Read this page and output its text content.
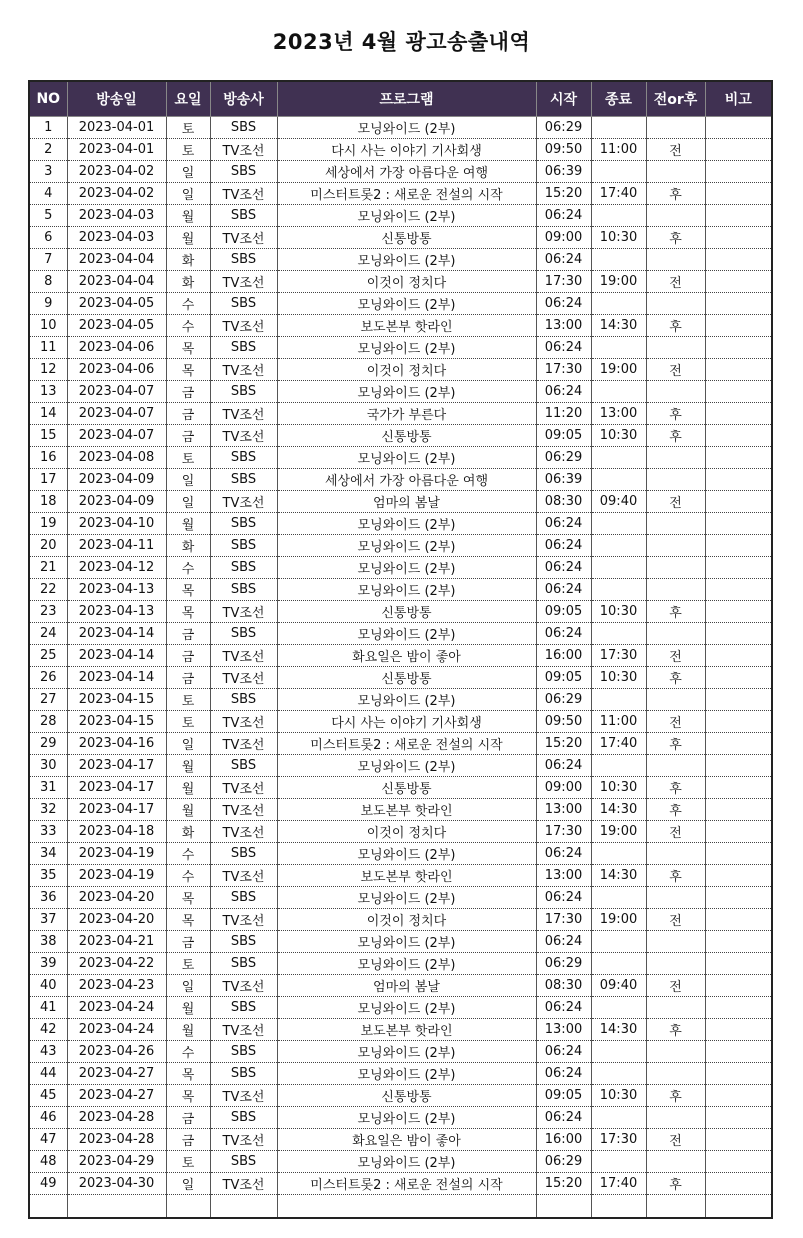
2023년 4월 광고송출내역
NO	방송일	요일	방송사	프로그램	시작	종료	전or후	비고
1	2023-04-01	토	SBS	모닝와이드 (2부)	06:29			
2	2023-04-01	토	TV조선	다시 사는 이야기 기사회생	09:50	11:00	전	
3	2023-04-02	일	SBS	세상에서 가장 아름다운 여행	06:39			
4	2023-04-02	일	TV조선	미스터트롯2 : 새로운 전설의 시작	15:20	17:40	후	
5	2023-04-03	월	SBS	모닝와이드 (2부)	06:24			
6	2023-04-03	월	TV조선	신통방통	09:00	10:30	후	
7	2023-04-04	화	SBS	모닝와이드 (2부)	06:24			
8	2023-04-04	화	TV조선	이것이 정치다	17:30	19:00	전	
9	2023-04-05	수	SBS	모닝와이드 (2부)	06:24			
10	2023-04-05	수	TV조선	보도본부 핫라인	13:00	14:30	후	
11	2023-04-06	목	SBS	모닝와이드 (2부)	06:24			
12	2023-04-06	목	TV조선	이것이 정치다	17:30	19:00	전	
13	2023-04-07	금	SBS	모닝와이드 (2부)	06:24			
14	2023-04-07	금	TV조선	국가가 부른다	11:20	13:00	후	
15	2023-04-07	금	TV조선	신통방통	09:05	10:30	후	
16	2023-04-08	토	SBS	모닝와이드 (2부)	06:29			
17	2023-04-09	일	SBS	세상에서 가장 아름다운 여행	06:39			
18	2023-04-09	일	TV조선	엄마의 봄날	08:30	09:40	전	
19	2023-04-10	월	SBS	모닝와이드 (2부)	06:24			
20	2023-04-11	화	SBS	모닝와이드 (2부)	06:24			
21	2023-04-12	수	SBS	모닝와이드 (2부)	06:24			
22	2023-04-13	목	SBS	모닝와이드 (2부)	06:24			
23	2023-04-13	목	TV조선	신통방통	09:05	10:30	후	
24	2023-04-14	금	SBS	모닝와이드 (2부)	06:24			
25	2023-04-14	금	TV조선	화요일은 밤이 좋아	16:00	17:30	전	
26	2023-04-14	금	TV조선	신통방통	09:05	10:30	후	
27	2023-04-15	토	SBS	모닝와이드 (2부)	06:29			
28	2023-04-15	토	TV조선	다시 사는 이야기 기사회생	09:50	11:00	전	
29	2023-04-16	일	TV조선	미스터트롯2 : 새로운 전설의 시작	15:20	17:40	후	
30	2023-04-17	월	SBS	모닝와이드 (2부)	06:24			
31	2023-04-17	월	TV조선	신통방통	09:00	10:30	후	
32	2023-04-17	월	TV조선	보도본부 핫라인	13:00	14:30	후	
33	2023-04-18	화	TV조선	이것이 정치다	17:30	19:00	전	
34	2023-04-19	수	SBS	모닝와이드 (2부)	06:24			
35	2023-04-19	수	TV조선	보도본부 핫라인	13:00	14:30	후	
36	2023-04-20	목	SBS	모닝와이드 (2부)	06:24			
37	2023-04-20	목	TV조선	이것이 정치다	17:30	19:00	전	
38	2023-04-21	금	SBS	모닝와이드 (2부)	06:24			
39	2023-04-22	토	SBS	모닝와이드 (2부)	06:29			
40	2023-04-23	일	TV조선	엄마의 봄날	08:30	09:40	전	
41	2023-04-24	월	SBS	모닝와이드 (2부)	06:24			
42	2023-04-24	월	TV조선	보도본부 핫라인	13:00	14:30	후	
43	2023-04-26	수	SBS	모닝와이드 (2부)	06:24			
44	2023-04-27	목	SBS	모닝와이드 (2부)	06:24			
45	2023-04-27	목	TV조선	신통방통	09:05	10:30	후	
46	2023-04-28	금	SBS	모닝와이드 (2부)	06:24			
47	2023-04-28	금	TV조선	화요일은 밤이 좋아	16:00	17:30	전	
48	2023-04-29	토	SBS	모닝와이드 (2부)	06:29			
49	2023-04-30	일	TV조선	미스터트롯2 : 새로운 전설의 시작	15:20	17:40	후	
